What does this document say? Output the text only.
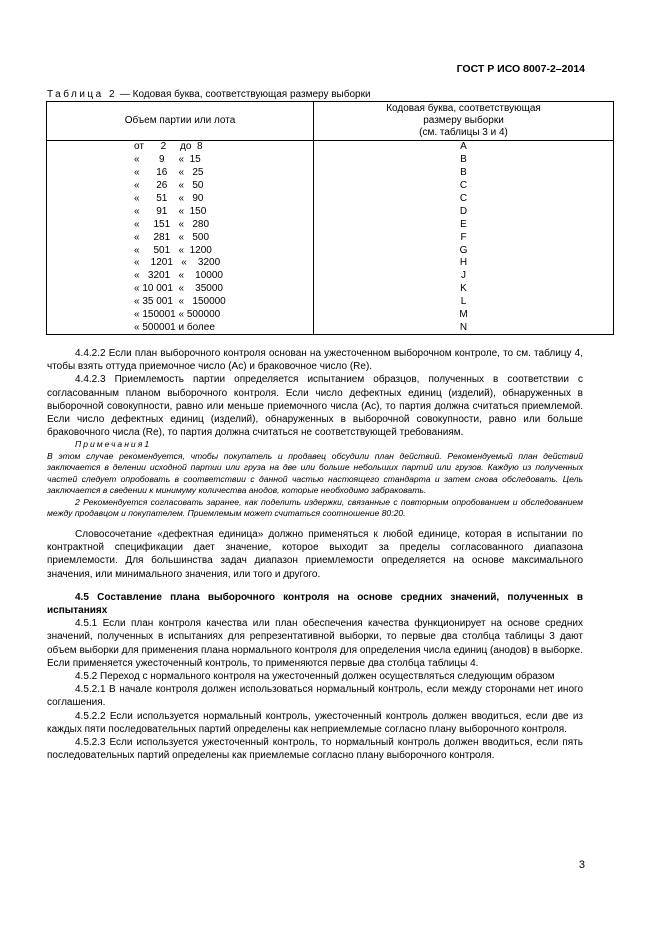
ГОСТ Р ИСО 8007-2–2014
Таблица 2 — Кодовая буква, соответствующая размеру выборки
Объем партии или лота	Кодовая буква, соответствующая
размеру выборки
(см. таблицы 3 и 4)

от      2     до  8	A
«       9     «  15	B
«      16    «   25	B
«      26    «   50	C
«      51    «   90	C
«      91    «  150	D
«     151   «   280	E
«     281   «   500	F
«     501   «  1200	G
«    1201   «    3200	H
«   3201   «    10000	J
« 10 001  «    35000	K
« 35 001  «   150000	L
« 150001 « 500000	M
« 500001 и более	N

4.4.2.2 Если план выборочного контроля основан на ужесточенном выборочном контроле, то см. таблицу 4, чтобы взять оттуда приемочное число (Ac) и браковочное число (Re).

4.4.2.3 Приемлемость партии определяется испытанием образцов, полученных в соответствии с согласованным планом выборочного контроля. Если число дефектных единиц (изделий), обнаруженных в выборочной совокупности, равно или меньше приемочного числа (Ac), то партия должна считаться приемлемой. Если число дефектных единиц (изделий), обнаруженных в выборочной совокупности, равно или больше браковочного числа (Re), то партия должна считаться не соответствующей требованиям.

Примечания1

В этом случае рекомендуется, чтобы покупатель и продавец обсудили план действий. Рекомендуемый план действий заключается в делении исходной партии или груза на две или больше небольших партий или грузов. Каждую из полученных частей следует опробовать в соответствии с данной частью настоящего стандарта и затем снова обследовать. Цель заключается в сведении к минимуму количества анодов, которые необходимо забраковать.

2 Рекомендуется согласовать заранее, как поделить издержки, связанные с повторным опробованием и обследованием между продавцом и покупателем. Приемлемым может считаться соотношение 80:20.

Словосочетание «дефектная единица» должно применяться к любой единице, которая в испытании по контрактной спецификации дает значение, которое выходит за пределы согласованного диапазона приемлемости. Для большинства задач диапазон приемлемости определяется на основе максимального значения, или минимального значения, или того и другого.

4.5 Составление плана выборочного контроля на основе средних значений, полученных в испытаниях

4.5.1 Если план контроля качества или план обеспечения качества функционирует на основе средних значений, полученных в испытаниях для репрезентативной выборки, то первые два столбца таблицы 3 дают объем выборки для применения плана нормального контроля для определения числа единиц (анодов) в выборке. Если применяется ужесточенный контроль, то применяются первые два столбца таблицы 4.

4.5.2 Переход с нормального контроля на ужесточенный должен осуществляться следующим образом

4.5.2.1 В начале контроля должен использоваться нормальный контроль, если между сторонами нет иного соглашения.

4.5.2.2 Если используется нормальный контроль, ужесточенный контроль должен вводиться, если две из каждых пяти последовательных партий определены как неприемлемые согласно плану выборочного контроля.

4.5.2.3 Если используется ужесточенный контроль, то нормальный контроль должен вводиться, если пять последовательных партий определены как приемлемые согласно плану выборочного контроля.

3
